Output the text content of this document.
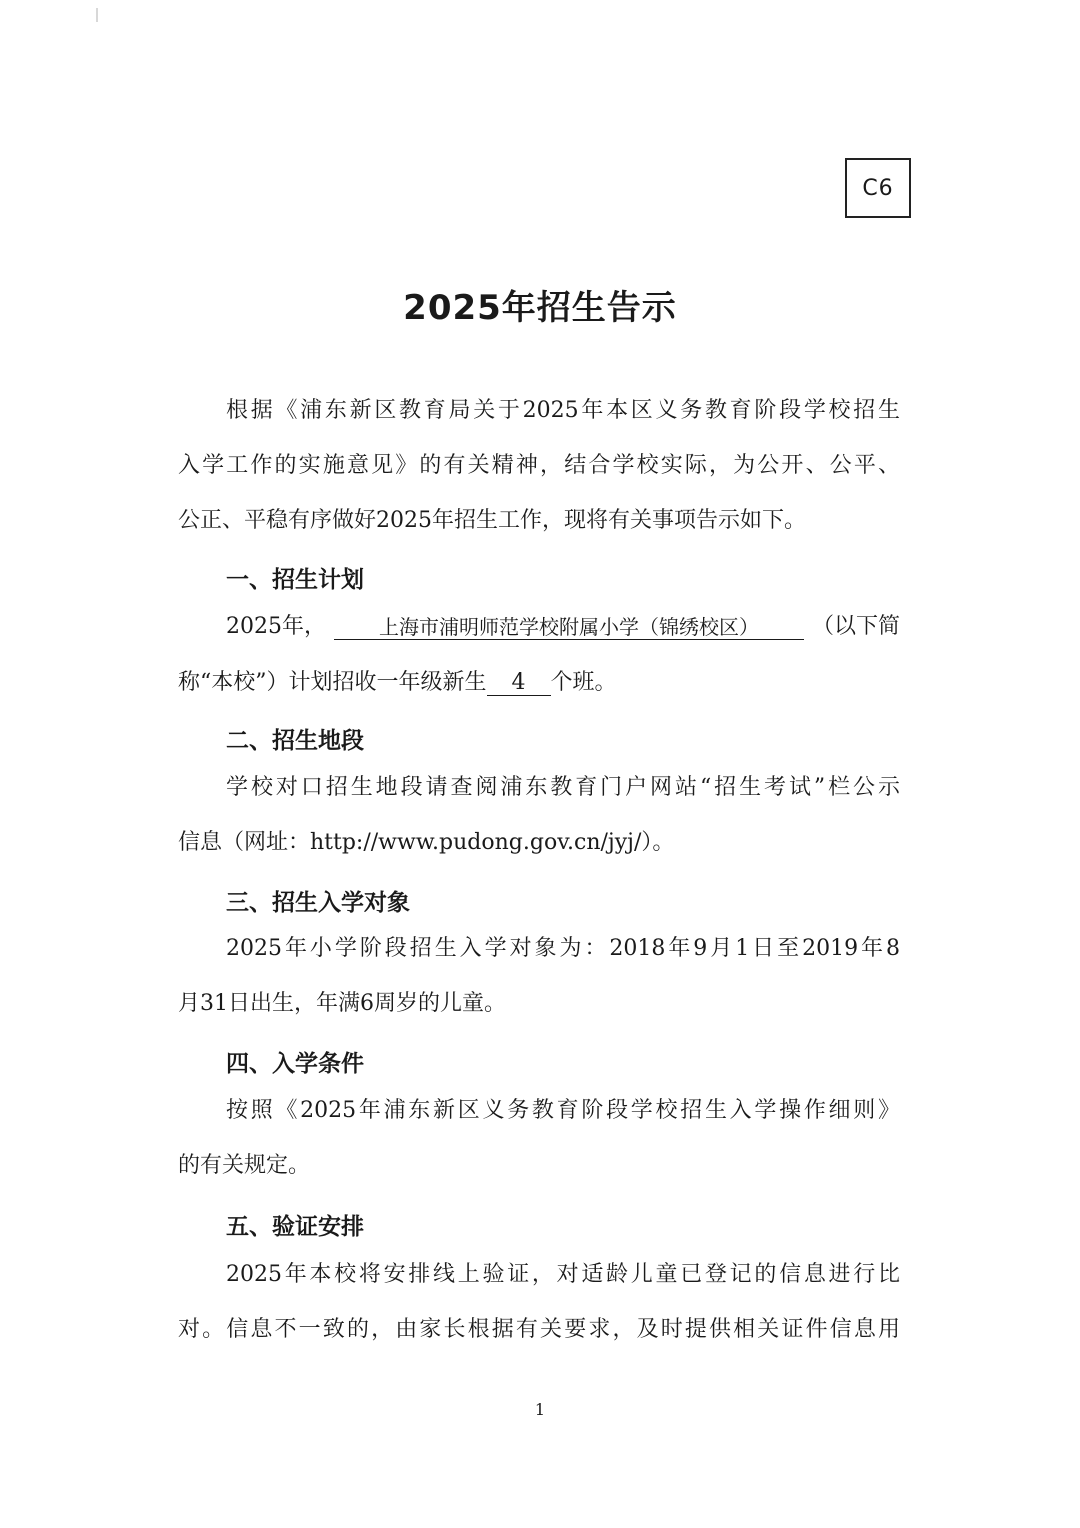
C6
2025年招生告示
根据《浦东新区教育局关于2025年本区义务教育阶段学校招生
入学工作的实施意见》的有关精神，结合学校实际，为公开、公平、
公正、平稳有序做好2025年招生工作，现将有关事项告示如下。
一、招生计划
2025年，	上海市浦明师范学校附属小学（锦绣校区）	（以下简
称“本校”）计划招收一年级新生 4 个班。
二、招生地段
学校对口招生地段请查阅浦东教育门户网站“招生考试”栏公示
信息（网址：http://www.pudong.gov.cn/jyj/）。
三、招生入学对象
2025年小学阶段招生入学对象为：2018年9月1日至2019年8
月31日出生，年满6周岁的儿童。
四、入学条件
按照《2025年浦东新区义务教育阶段学校招生入学操作细则》
的有关规定。
五、验证安排
2025年本校将安排线上验证，对适龄儿童已登记的信息进行比
对。信息不一致的，由家长根据有关要求，及时提供相关证件信息用
1
